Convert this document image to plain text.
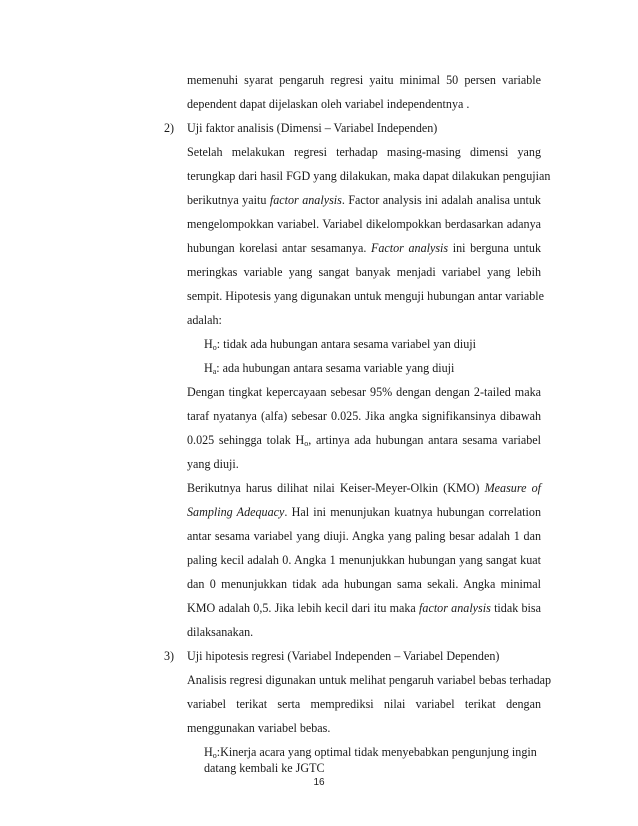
memenuhi syarat pengaruh regresi yaitu minimal 50 persen variable
dependent dapat dijelaskan oleh variabel independentnya .
2) Uji faktor analisis (Dimensi – Variabel Independen)
Setelah melakukan regresi terhadap masing-masing dimensi yang
terungkap dari hasil FGD yang dilakukan, maka dapat dilakukan pengujian
berikutnya yaitu factor analysis. Factor analysis ini adalah analisa untuk
mengelompokkan variabel. Variabel dikelompokkan berdasarkan adanya
hubungan korelasi antar sesamanya. Factor analysis ini berguna untuk
meringkas variable yang sangat banyak menjadi variabel yang lebih
sempit. Hipotesis yang digunakan untuk menguji hubungan antar variable
adalah:
$H_o$: tidak ada hubungan antara sesama variabel yan diuji
$H_a$: ada hubungan antara sesama variable yang diuji
Dengan tingkat kepercayaan sebesar 95% dengan dengan 2-tailed maka
taraf nyatanya (alfa) sebesar 0.025. Jika angka signifikansinya dibawah
0.025 sehingga tolak $H_o$, artinya ada hubungan antara sesama variabel
yang diuji.
Berikutnya harus dilihat nilai Keiser-Meyer-Olkin (KMO) Measure of
Sampling Adequacy. Hal ini menunjukan kuatnya hubungan correlation
antar sesama variabel yang diuji. Angka yang paling besar adalah 1 dan
paling kecil adalah 0. Angka 1 menunjukkan hubungan yang sangat kuat
dan 0 menunjukkan tidak ada hubungan sama sekali. Angka minimal
KMO adalah 0,5. Jika lebih kecil dari itu maka factor analysis tidak bisa
dilaksanakan.
3) Uji hipotesis regresi (Variabel Independen – Variabel Dependen)
Analisis regresi digunakan untuk melihat pengaruh variabel bebas terhadap
variabel terikat serta memprediksi nilai variabel terikat dengan
menggunakan variabel bebas.
$H_o:Kinerja$ acara yang optimal tidak menyebabkan pengunjung ingin
datang kembali ke JGTC
16
